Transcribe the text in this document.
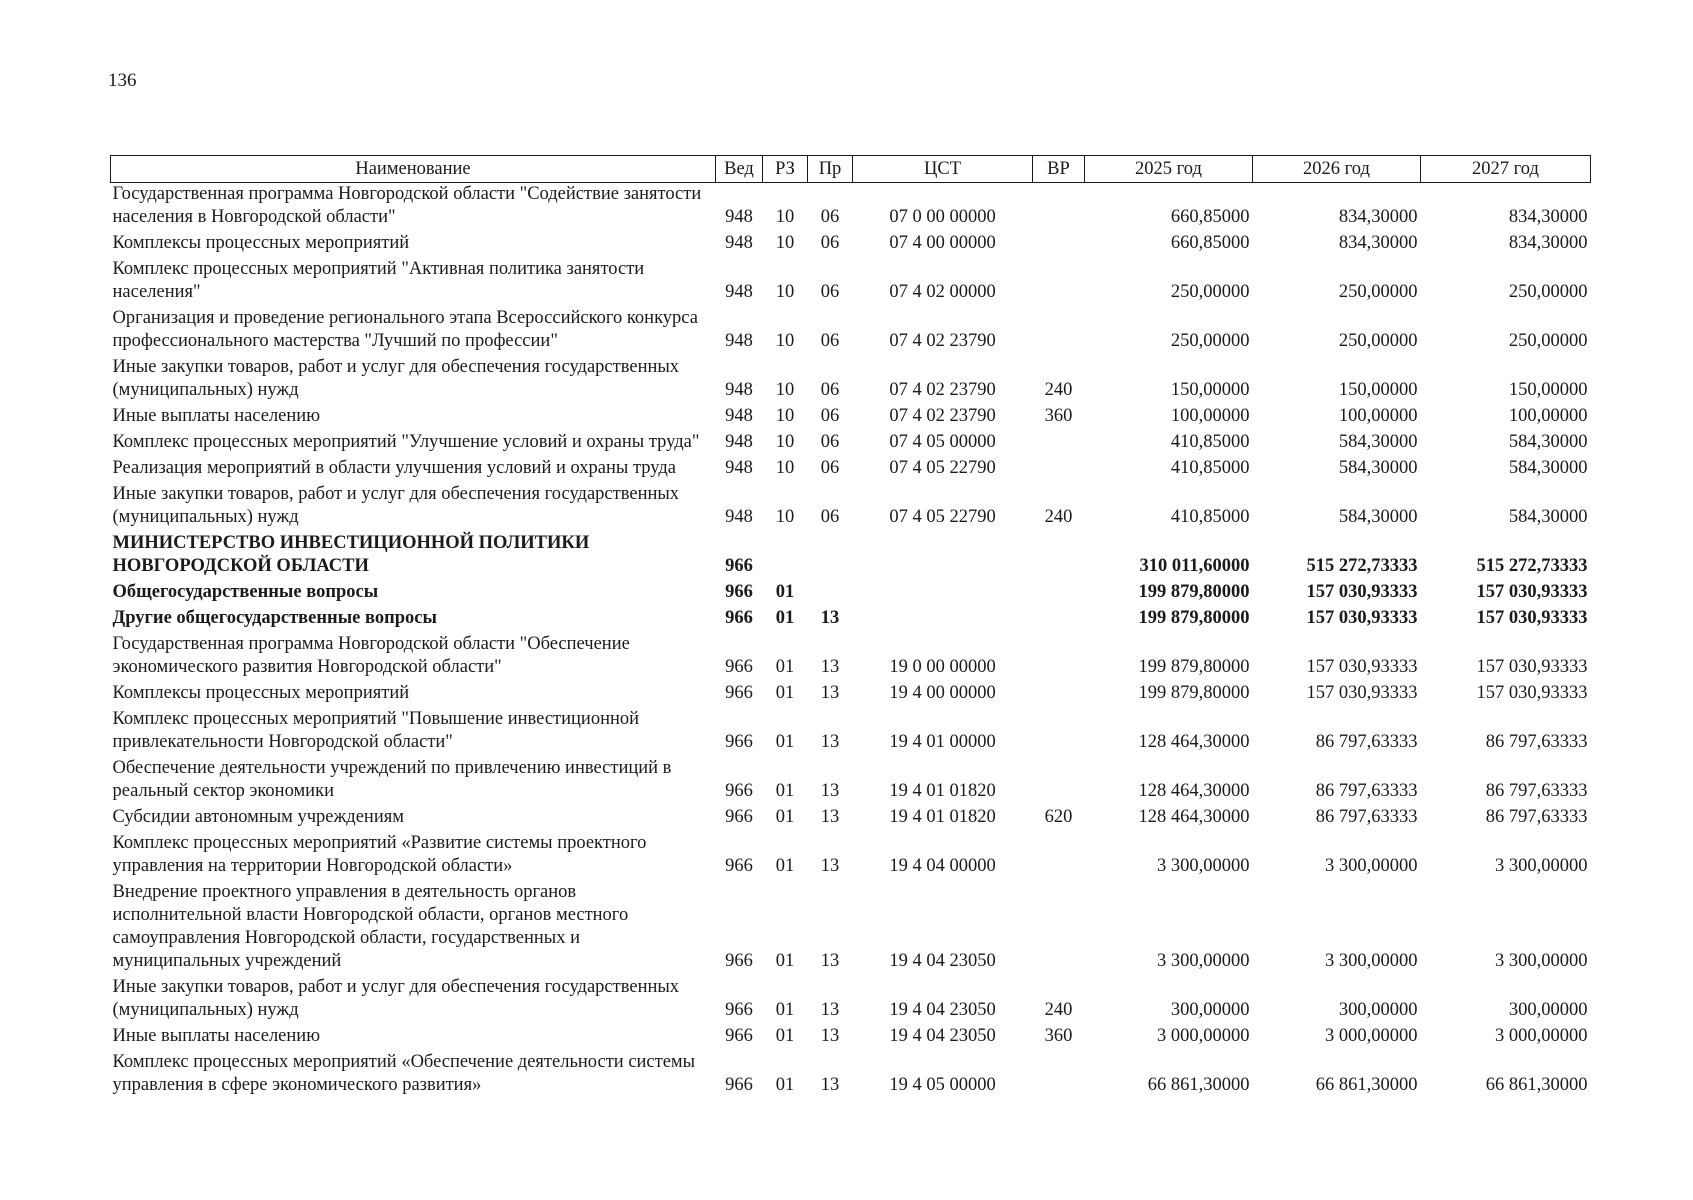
136
Наименование	Вед	РЗ	Пр	ЦСТ	ВР	2025 год	2026 год	2027 год
Государственная программа Новгородской области "Содействие занятости населения в Новгородской области"	948	10	06	07 0 00 00000		660,85000	834,30000	834,30000
Комплексы процессных мероприятий	948	10	06	07 4 00 00000		660,85000	834,30000	834,30000
Комплекс процессных мероприятий "Активная политика занятости населения"	948	10	06	07 4 02 00000		250,00000	250,00000	250,00000
Организация и проведение регионального этапа Всероссийского конкурса профессионального мастерства "Лучший по профессии"	948	10	06	07 4 02 23790		250,00000	250,00000	250,00000
Иные закупки товаров, работ и услуг для обеспечения государственных (муниципальных) нужд	948	10	06	07 4 02 23790	240	150,00000	150,00000	150,00000
Иные выплаты населению	948	10	06	07 4 02 23790	360	100,00000	100,00000	100,00000
Комплекс процессных мероприятий "Улучшение условий и охраны труда"	948	10	06	07 4 05 00000		410,85000	584,30000	584,30000
Реализация мероприятий в области улучшения условий и охраны труда	948	10	06	07 4 05 22790		410,85000	584,30000	584,30000
Иные закупки товаров, работ и услуг для обеспечения государственных (муниципальных) нужд	948	10	06	07 4 05 22790	240	410,85000	584,30000	584,30000
МИНИСТЕРСТВО ИНВЕСТИЦИОННОЙ ПОЛИТИКИ НОВГОРОДСКОЙ ОБЛАСТИ	966					310 011,60000	515 272,73333	515 272,73333
Общегосударственные вопросы	966	01				199 879,80000	157 030,93333	157 030,93333
Другие общегосударственные вопросы	966	01	13			199 879,80000	157 030,93333	157 030,93333
Государственная программа Новгородской области "Обеспечение экономического развития Новгородской области"	966	01	13	19 0 00 00000		199 879,80000	157 030,93333	157 030,93333
Комплексы процессных мероприятий	966	01	13	19 4 00 00000		199 879,80000	157 030,93333	157 030,93333
Комплекс процессных мероприятий "Повышение инвестиционной привлекательности Новгородской области"	966	01	13	19 4 01 00000		128 464,30000	86 797,63333	86 797,63333
Обеспечение деятельности учреждений по привлечению инвестиций в реальный сектор экономики	966	01	13	19 4 01 01820		128 464,30000	86 797,63333	86 797,63333
Субсидии автономным учреждениям	966	01	13	19 4 01 01820	620	128 464,30000	86 797,63333	86 797,63333
Комплекс процессных мероприятий «Развитие системы проектного управления на территории Новгородской области»	966	01	13	19 4 04 00000		3 300,00000	3 300,00000	3 300,00000
Внедрение проектного управления в деятельность органов исполнительной власти Новгородской области, органов местного самоуправления Новгородской области, государственных и муниципальных учреждений	966	01	13	19 4 04 23050		3 300,00000	3 300,00000	3 300,00000
Иные закупки товаров, работ и услуг для обеспечения государственных (муниципальных) нужд	966	01	13	19 4 04 23050	240	300,00000	300,00000	300,00000
Иные выплаты населению	966	01	13	19 4 04 23050	360	3 000,00000	3 000,00000	3 000,00000
Комплекс процессных мероприятий «Обеспечение деятельности системы управления в сфере экономического развития»	966	01	13	19 4 05 00000		66 861,30000	66 861,30000	66 861,30000
